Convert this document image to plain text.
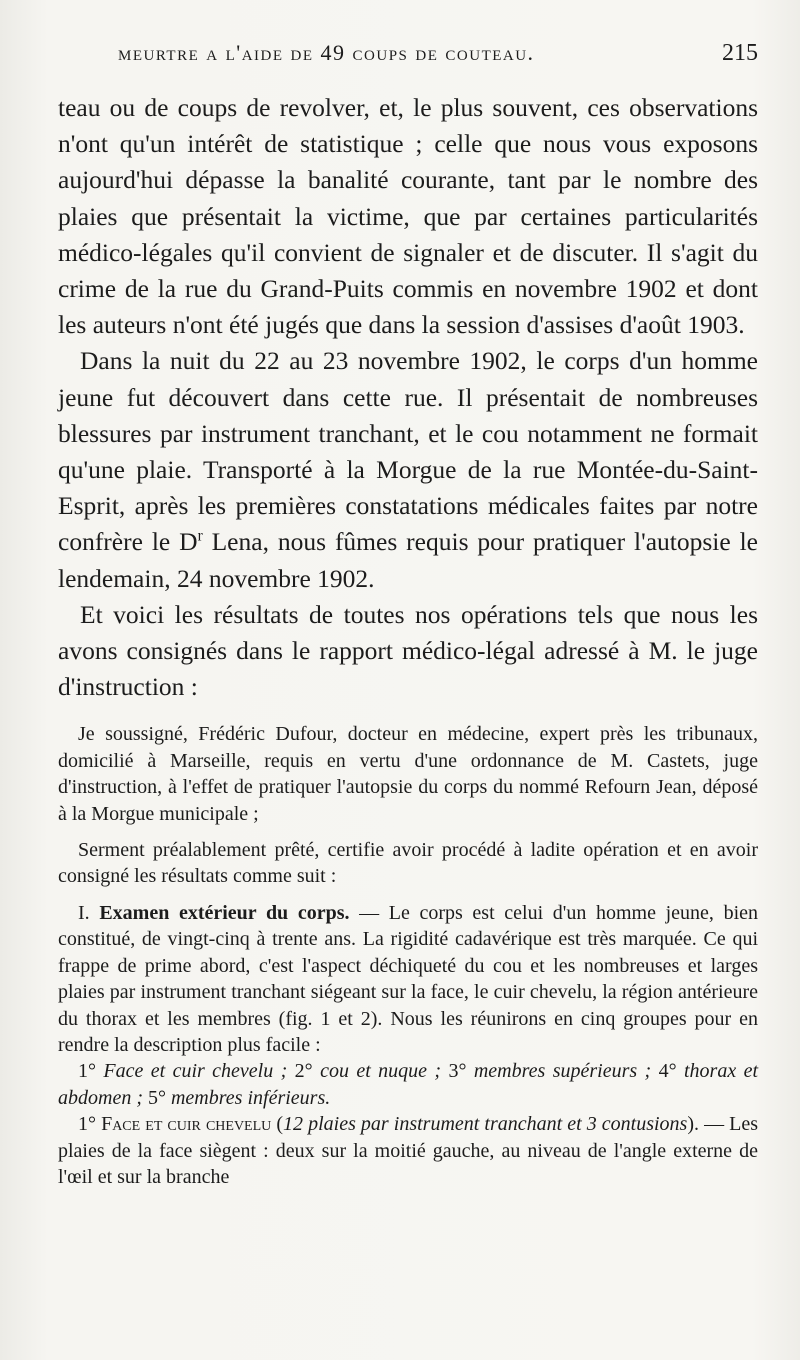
meurtre a l'aide de 49 coups de couteau.	215

teau ou de coups de revolver, et, le plus souvent, ces observations n'ont qu'un intérêt de statistique ; celle que nous vous exposons aujourd'hui dépasse la banalité courante, tant par le nombre des plaies que présentait la victime, que par certaines particularités médico-légales qu'il convient de signaler et de discuter. Il s'agit du crime de la rue du Grand-Puits commis en novembre 1902 et dont les auteurs n'ont été jugés que dans la session d'assises d'août 1903.

Dans la nuit du 22 au 23 novembre 1902, le corps d'un homme jeune fut découvert dans cette rue. Il présentait de nombreuses blessures par instrument tranchant, et le cou notamment ne formait qu'une plaie. Transporté à la Morgue de la rue Montée-du-Saint-Esprit, après les premières constatations médicales faites par notre confrère le $D^r$ Lena, nous fûmes requis pour pratiquer l'autopsie le lendemain, 24 novembre 1902.

Et voici les résultats de toutes nos opérations tels que nous les avons consignés dans le rapport médico-légal adressé à M. le juge d'instruction :

Je soussigné, Frédéric Dufour, docteur en médecine, expert près les tribunaux, domicilié à Marseille, requis en vertu d'une ordonnance de M. Castets, juge d'instruction, à l'effet de pratiquer l'autopsie du corps du nommé Refourn Jean, déposé à la Morgue municipale ;

Serment préalablement prêté, certifie avoir procédé à ladite opération et en avoir consigné les résultats comme suit :

I. Examen extérieur du corps. — Le corps est celui d'un homme jeune, bien constitué, de vingt-cinq à trente ans. La rigidité cadavérique est très marquée. Ce qui frappe de prime abord, c'est l'aspect déchiqueté du cou et les nombreuses et larges plaies par instrument tranchant siégeant sur la face, le cuir chevelu, la région antérieure du thorax et les membres (fig. 1 et 2). Nous les réunirons en cinq groupes pour en rendre la description plus facile :

1° Face et cuir chevelu ; 2° cou et nuque ; 3° membres supérieurs ; 4° thorax et abdomen ; 5° membres inférieurs.

1° Face et cuir chevelu (12 plaies par instrument tranchant et 3 contusions). — Les plaies de la face siègent : deux sur la moitié gauche, au niveau de l'angle externe de l'œil et sur la branche
